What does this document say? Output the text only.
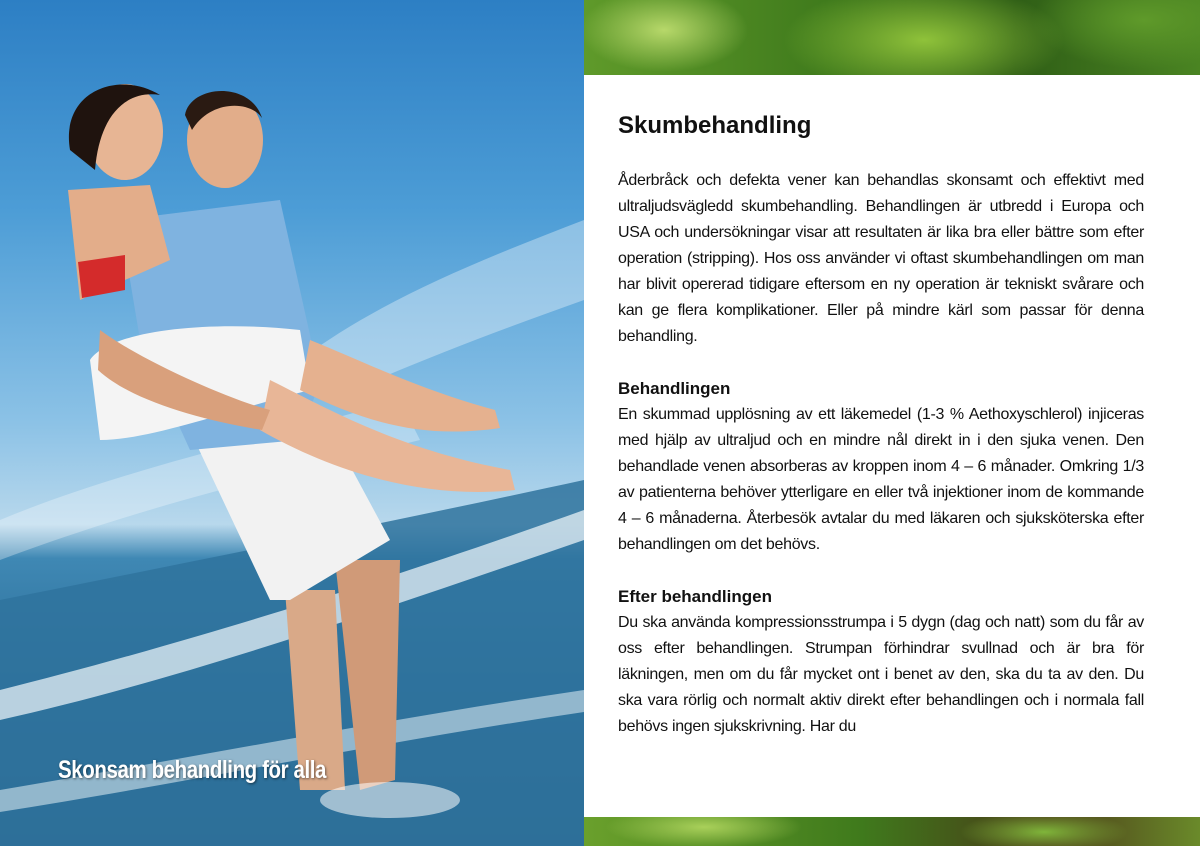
Skonsam behandling för alla
Skumbehandling

Åderbråck och defekta vener kan behandlas skonsamt och effektivt med ultraljudsvägledd skumbehandling. Behandlingen är utbredd i Europa och USA och undersökningar visar att resultaten är lika bra eller bättre som efter operation (stripping). Hos oss använder vi oftast skumbehandlingen om man har blivit opererad tidigare eftersom en ny operation är tekniskt svårare och kan ge flera komplikationer. Eller på mindre kärl som passar för denna behandling.

Behandlingen

En skummad upplösning av ett läkemedel (1-3 % Aethoxyschlerol) injiceras med hjälp av ultraljud och en mindre nål direkt in i den sjuka venen. Den behandlade venen absorberas av kroppen inom 4 – 6 månader. Omkring 1/3 av patienterna behöver ytterligare en eller två injektioner inom de kommande 4 – 6 månaderna. Återbesök avtalar du med läkaren och sjuksköterska efter behandlingen om det behövs.

Efter behandlingen

Du ska använda kompressionsstrumpa i 5 dygn (dag och natt) som du får av oss efter behandlingen. Strumpan förhindrar svullnad och är bra för läkningen, men om du får mycket ont i benet av den, ska du ta av den. Du ska vara rörlig och normalt aktiv direkt efter behandlingen och i normala fall behövs ingen sjukskrivning. Har du
